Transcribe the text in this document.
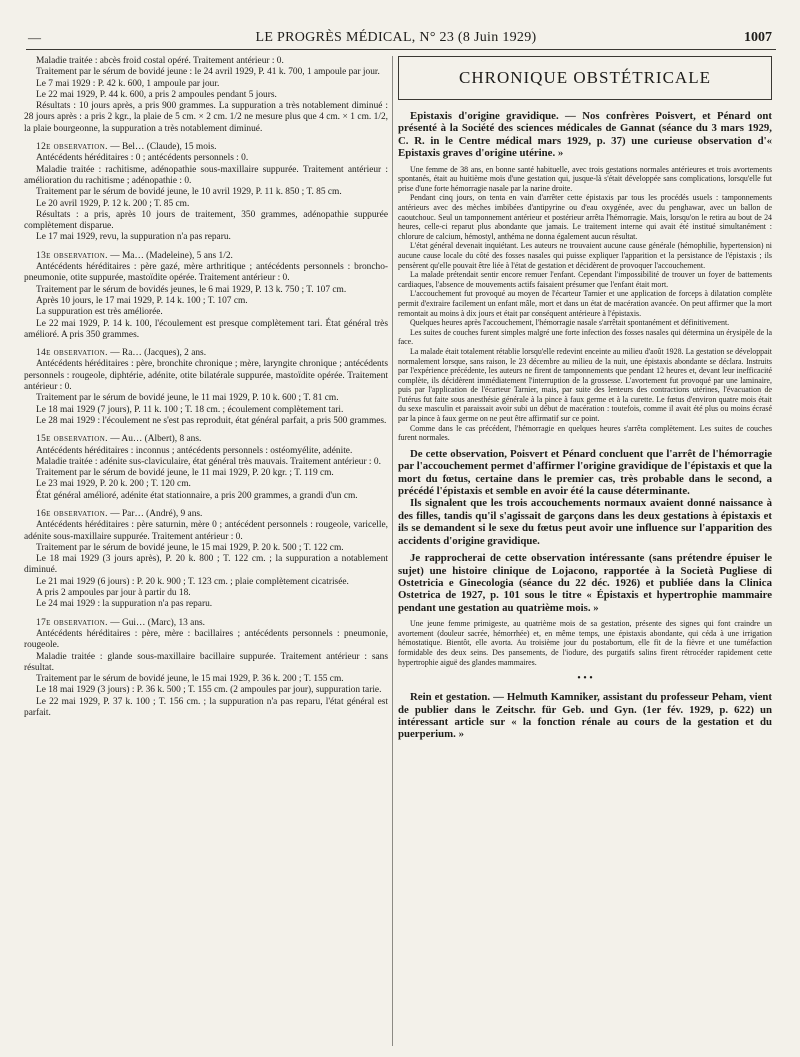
—	LE PROGRÈS MÉDICAL, N° 23 (8 Juin 1929)	1007

Maladie traitée : abcès froid costal opéré. Traitement antérieur : 0.

Traitement par le sérum de bovidé jeune : le 24 avril 1929, P. 41 k. 700, 1 ampoule par jour.

Le 7 mai 1929 : P. 42 k. 600, 1 ampoule par jour.

Le 22 mai 1929, P. 44 k. 600, a pris 2 ampoules pendant 5 jours.

Résultats : 10 jours après, a pris 900 grammes. La suppuration a très notablement diminué : 28 jours après : a pris 2 kgr., la plaie de 5 cm. × 2 cm. 1/2 ne mesure plus que 4 cm. × 1 cm. 1/2, la plaie bourgeonne, la suppuration a très notablement diminué.

12e observation. — Bel… (Claude), 15 mois.

Antécédents héréditaires : 0 ; antécédents personnels : 0.

Maladie traitée : rachitisme, adénopathie sous-maxillaire suppurée. Traitement antérieur : amélioration du rachitisme ; adénopathie : 0.

Traitement par le sérum de bovidé jeune, le 10 avril 1929, P. 11 k. 850 ; T. 85 cm.

Le 20 avril 1929, P. 12 k. 200 ; T. 85 cm.

Résultats : a pris, après 10 jours de traitement, 350 grammes, adénopathie suppurée complètement disparue.

Le 17 mai 1929, revu, la suppuration n'a pas reparu.

13e observation. — Ma… (Madeleine), 5 ans 1/2.

Antécédents héréditaires : père gazé, mère arthritique ; antécédents personnels : broncho-pneumonie, otite suppurée, mastoïdite opérée. Traitement antérieur : 0.

Traitement par le sérum de bovidés jeunes, le 6 mai 1929, P. 13 k. 750 ; T. 107 cm.

Après 10 jours, le 17 mai 1929, P. 14 k. 100 ; T. 107 cm.

La suppuration est très améliorée.

Le 22 mai 1929, P. 14 k. 100, l'écoulement est presque complètement tari. État général très amélioré. A pris 350 grammes.

14e observation. — Ra… (Jacques), 2 ans.

Antécédents héréditaires : père, bronchite chronique ; mère, laryngite chronique ; antécédents personnels : rougeole, diphtérie, adénite, otite bilatérale suppurée, mastoïdite opérée. Traitement antérieur : 0.

Traitement par le sérum de bovidé jeune, le 11 mai 1929, P. 10 k. 600 ; T. 81 cm.

Le 18 mai 1929 (7 jours), P. 11 k. 100 ; T. 18 cm. ; écoulement complètement tari.

Le 28 mai 1929 : l'écoulement ne s'est pas reproduit, état général parfait, a pris 500 grammes.

15e observation. — Au… (Albert), 8 ans.

Antécédents héréditaires : inconnus ; antécédents personnels : ostéomyélite, adénite.

Maladie traitée : adénite sus-claviculaire, état général très mauvais. Traitement antérieur : 0.

Traitement par le sérum de bovidé jeune, le 11 mai 1929, P. 20 kgr. ; T. 119 cm.

Le 23 mai 1929, P. 20 k. 200 ; T. 120 cm.

État général amélioré, adénite état stationnaire, a pris 200 grammes, a grandi d'un cm.

16e observation. — Par… (André), 9 ans.

Antécédents héréditaires : père saturnin, mère 0 ; antécédent personnels : rougeole, varicelle, adénite sous-maxillaire suppurée. Traitement antérieur : 0.

Traitement par le sérum de bovidé jeune, le 15 mai 1929, P. 20 k. 500 ; T. 122 cm.

Le 18 mai 1929 (3 jours après), P. 20 k. 800 ; T. 122 cm. ; la suppuration a notablement diminué.

Le 21 mai 1929 (6 jours) : P. 20 k. 900 ; T. 123 cm. ; plaie complètement cicatrisée.

A pris 2 ampoules par jour à partir du 18.

Le 24 mai 1929 : la suppuration n'a pas reparu.

17e observation. — Gui… (Marc), 13 ans.

Antécédents héréditaires : père, mère : bacillaires ; antécédents personnels : pneumonie, rougeole.

Maladie traitée : glande sous-maxillaire bacillaire suppurée. Traitement antérieur : sans résultat.

Traitement par le sérum de bovidé jeune, le 15 mai 1929, P. 36 k. 200 ; T. 155 cm.

Le 18 mai 1929 (3 jours) : P. 36 k. 500 ; T. 155 cm. (2 ampoules par jour), suppuration tarie.

Le 22 mai 1929, P. 37 k. 100 ; T. 156 cm. ; la suppuration n'a pas reparu, l'état général est parfait.

CHRONIQUE OBSTÉTRICALE

Epistaxis d'origine gravidique. — Nos confrères Poisvert, et Pénard ont présenté à la Société des sciences médicales de Gannat (séance du 3 mars 1929, C. R. in le Centre médical mars 1929, p. 37) une curieuse observation d'« Epistaxis graves d'origine utérine. »

Une femme de 38 ans, en bonne santé habituelle, avec trois gestations normales antérieures et trois avortements spontanés, était au huitième mois d'une gestation qui, jusque-là s'était développée sans complications, lorsqu'elle fut prise d'une forte hémorragie nasale par la narine droite.

Pendant cinq jours, on tenta en vain d'arrêter cette épistaxis par tous les procédés usuels : tamponnements antérieurs avec des mèches imbibées d'antipyrine ou d'eau oxygénée, avec du penghawar, avec un ballon de caoutchouc. Seul un tamponnement antérieur et postérieur arrêta l'hémorragie. Mais, lorsqu'on le retira au bout de 24 heures, celle-ci reparut plus abondante que jamais. Le traitement interne qui avait été institué simultanément : chlorure de calcium, hémostyl, anthéma ne donna également aucun résultat.

L'état général devenait inquiétant. Les auteurs ne trouvaient aucune cause générale (hémophilie, hypertension) ni aucune cause locale du côté des fosses nasales qui puisse expliquer l'apparition et la persistance de l'épistaxis ; ils pensèrent qu'elle pouvait être liée à l'état de gestation et décidèrent de provoquer l'accouchement.

La malade prétendait sentir encore remuer l'enfant. Cependant l'impossibilité de trouver un foyer de battements cardiaques, l'absence de mouvements actifs faisaient présumer que l'enfant était mort.

L'accouchement fut provoqué au moyen de l'écarteur Tarnier et une application de forceps à dilatation complète permit d'extraire facilement un enfant mâle, mort et dans un état de macération avancée. On peut affirmer que la mort remontait au moins à dix jours et était par conséquent antérieure à l'épistaxis.

Quelques heures après l'accouchement, l'hémorragie nasale s'arrêtait spontanément et définitivement.

Les suites de couches furent simples malgré une forte infection des fosses nasales qui détermina un érysipèle de la face.

La malade était totalement rétablie lorsqu'elle redevint enceinte au milieu d'août 1928. La gestation se développait normalement lorsque, sans raison, le 23 décembre au milieu de la nuit, une épistaxis abondante se déclara. Instruits par l'expérience précédente, les auteurs ne firent de tamponnements que pendant 12 heures et, devant leur inefficacité complète, ils décidèrent immédiatement l'interruption de la grossesse. L'avortement fut provoqué par une laminaire, puis par l'application de l'écarteur Tarnier, mais, par suite des lenteurs des contractions utérines, l'évacuation de l'utérus fut faite sous anesthésie générale à la pince à faux germe et à la curette. Le fœtus d'environ quatre mois était du sexe masculin et paraissait avoir subi un début de macération : toutefois, comme il avait été plus ou moins écrasé par la pince à faux germe on ne peut être affirmatif sur ce point.

Comme dans le cas précédent, l'hémorragie en quelques heures s'arrêta complètement. Les suites de couches furent normales.

De cette observation, Poisvert et Pénard concluent que l'arrêt de l'hémorragie par l'accouchement permet d'affirmer l'origine gravidique de l'épistaxis et que la mort du fœtus, certaine dans le premier cas, très probable dans le second, a précédé l'épistaxis et semble en avoir été la cause déterminante.

Ils signalent que les trois accouchements normaux avaient donné naissance à des filles, tandis qu'il s'agissait de garçons dans les deux gestations à épistaxis et ils se demandent si le sexe du fœtus peut avoir une influence sur l'apparition des accidents d'origine gravidique.

Je rapprocherai de cette observation intéressante (sans prétendre épuiser le sujet) une histoire clinique de Lojacono, rapportée à la Società Pugliese di Ostetricia e Ginecologia (séance du 22 déc. 1926) et publiée dans la Clinica Ostetrica de 1927, p. 101 sous le titre « Épistaxis et hypertrophie mammaire pendant une gestation au quatrième mois. »

Une jeune femme primigeste, au quatrième mois de sa gestation, présente des signes qui font craindre un avortement (douleur sacrée, hémorrhée) et, en même temps, une épistaxis abondante, qui céda à une irrigation hémostatique. Bientôt, elle avorta. Au troisième jour du postabortum, elle fit de la fièvre et une tuméfaction formidable des deux seins. Des pansements, de l'iodure, des purgatifs salins firent rétrocéder rapidement cette hypertrophie aiguë des glandes mammaires.

• • •

Rein et gestation. — Helmuth Kamniker, assistant du professeur Peham, vient de publier dans le Zeitschr. für Geb. und Gyn. (1er fév. 1929, p. 622) un intéressant article sur « la fonction rénale au cours de la gestation et du puerperium. »
